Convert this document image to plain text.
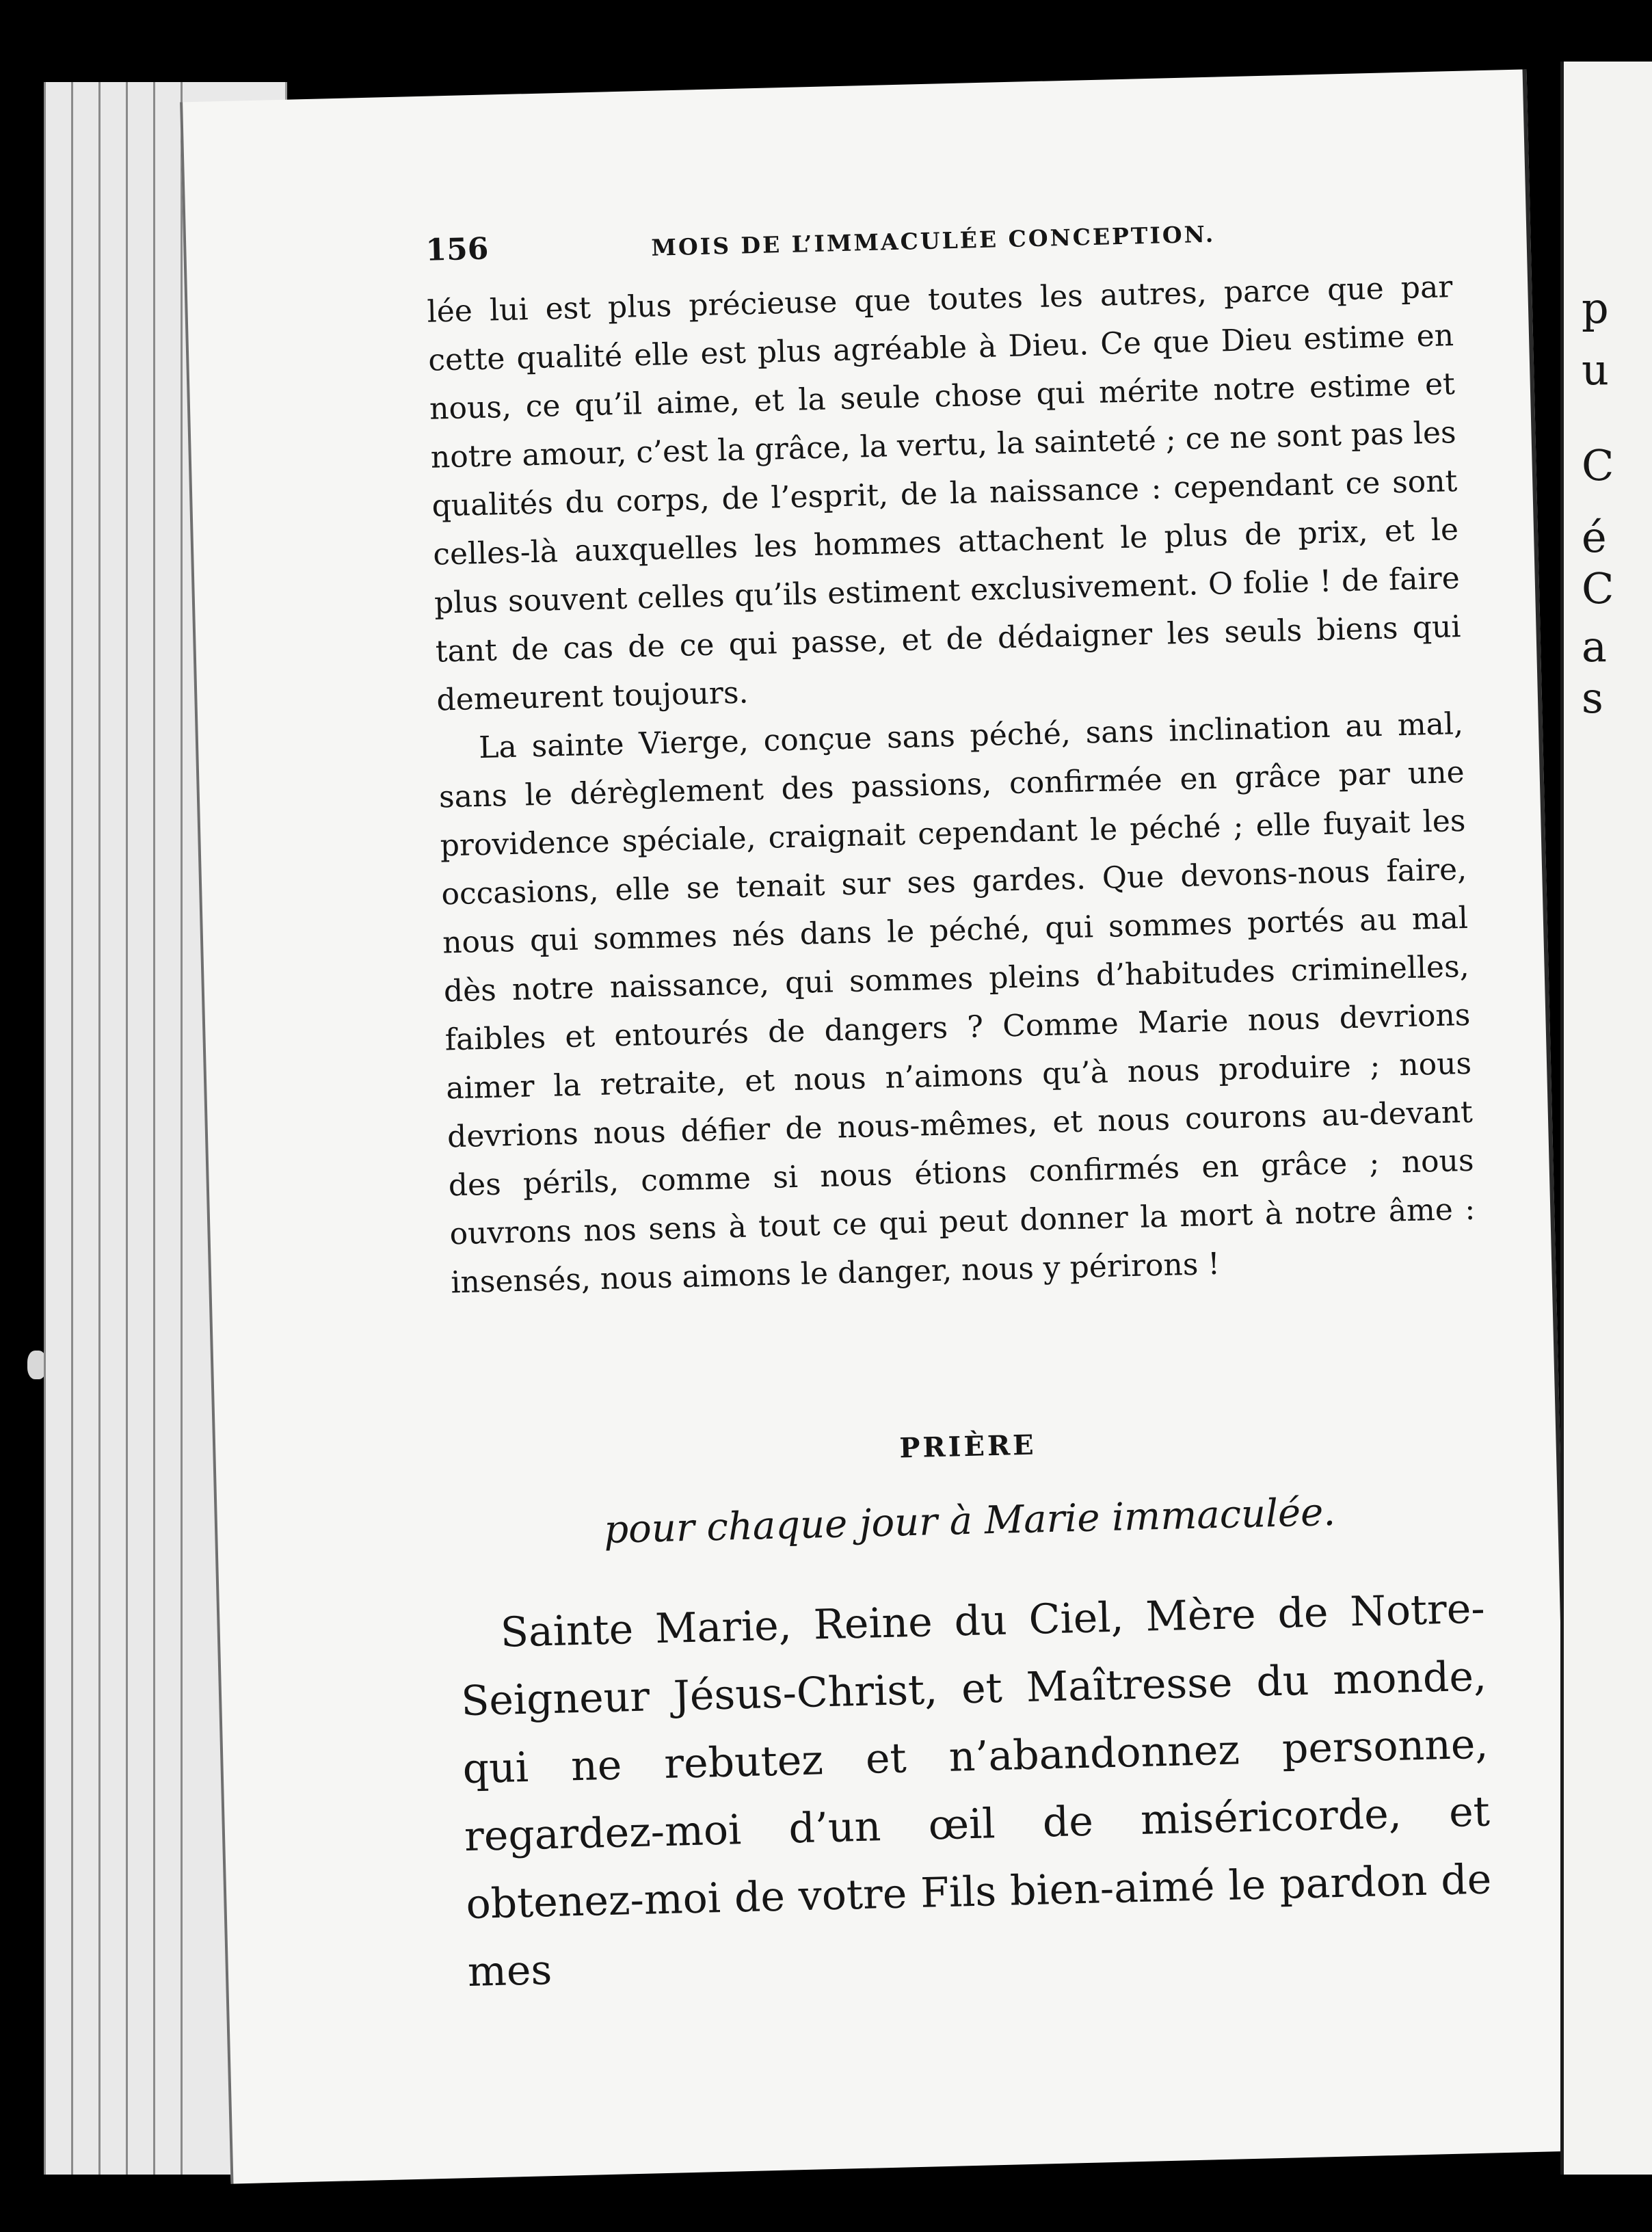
156	MOIS DE L’IMMACULÉE CONCEPTION.

lée lui est plus précieuse que toutes les autres, parce que par cette qualité elle est plus agréable à Dieu. Ce que Dieu estime en nous, ce qu’il aime, et la seule chose qui mérite notre estime et notre amour, c’est la grâce, la vertu, la sainteté ; ce ne sont pas les qualités du corps, de l’esprit, de la naissance : cependant ce sont celles-là auxquelles les hommes attachent le plus de prix, et le plus souvent celles qu’ils estiment exclusivement. O folie ! de faire tant de cas de ce qui passe, et de dédaigner les seuls biens qui demeurent toujours.

La sainte Vierge, conçue sans péché, sans inclination au mal, sans le dérèglement des passions, confirmée en grâce par une providence spéciale, craignait cependant le péché ; elle fuyait les occasions, elle se tenait sur ses gardes. Que devons-nous faire, nous qui sommes nés dans le péché, qui sommes portés au mal dès notre naissance, qui sommes pleins d’habitudes criminelles, faibles et entourés de dangers ? Comme Marie nous devrions aimer la retraite, et nous n’aimons qu’à nous produire ; nous devrions nous défier de nous-mêmes, et nous courons au-devant des périls, comme si nous étions confirmés en grâce ; nous ouvrons nos sens à tout ce qui peut donner la mort à notre âme : insensés, nous aimons le danger, nous y périrons !

PRIÈRE
pour chaque jour à Marie immaculée.

Sainte Marie, Reine du Ciel, Mère de Notre-Seigneur Jésus-Christ, et Maîtresse du monde, qui ne rebutez et n’abandonnez personne, regardez-moi d’un œil de miséricorde, et obtenez-moi de votre Fils bien-aimé le pardon de mes

p
u
C
é
C
a
s
